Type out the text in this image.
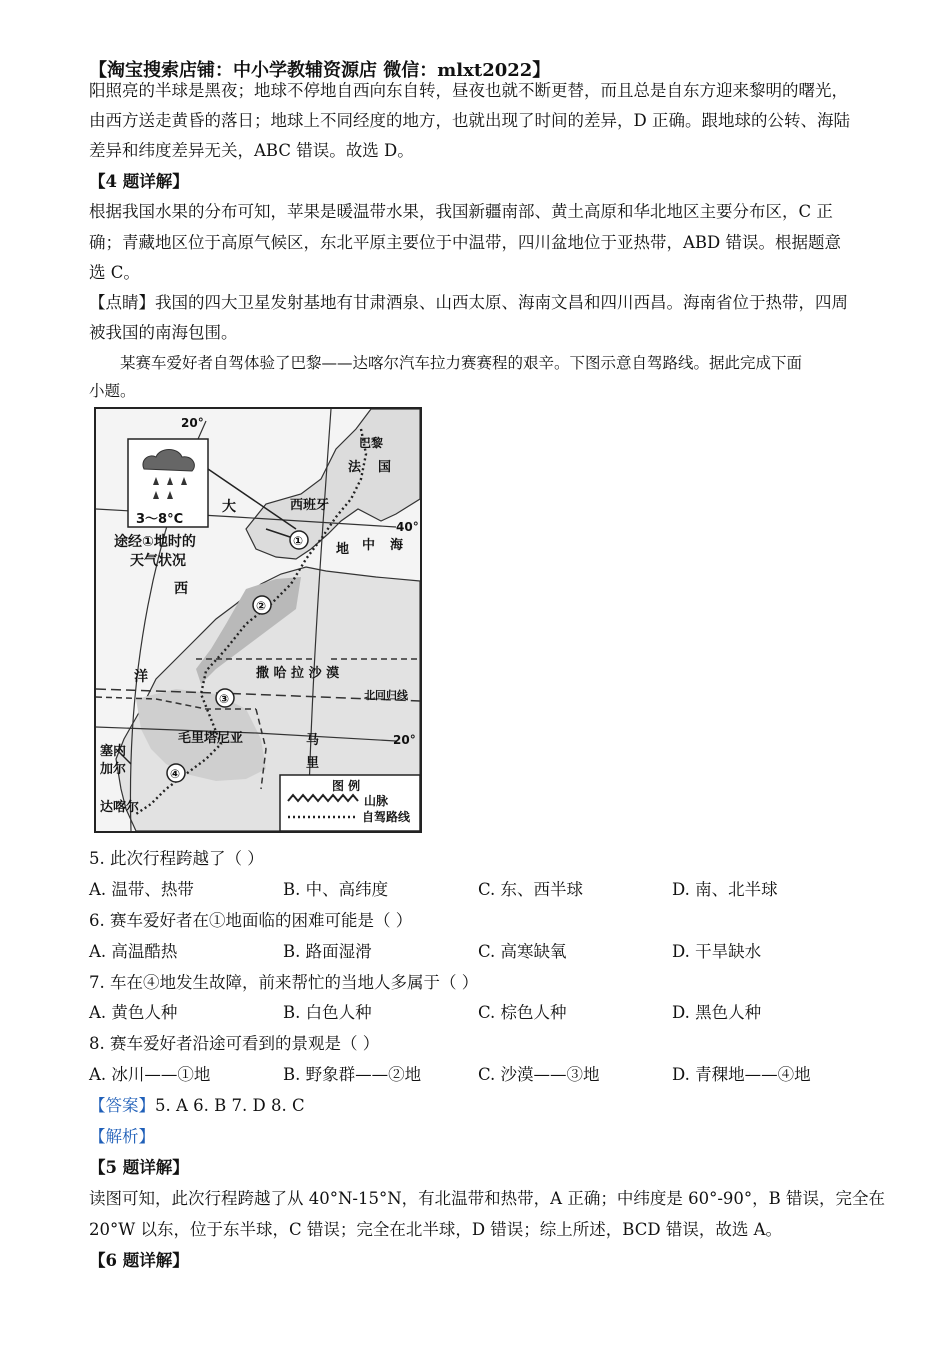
【淘宝搜索店铺：中小学教辅资源店 微信：mlxt2022】
阳照亮的半球是黑夜；地球不停地自西向东自转，昼夜也就不断更替，而且总是自东方迎来黎明的曙光，
由西方送走黄昏的落日；地球上不同经度的地方，也就出现了时间的差异，D 正确。跟地球的公转、海陆
差异和纬度差异无关，ABC 错误。故选 D。
【4 题详解】
根据我国水果的分布可知，苹果是暖温带水果，我国新疆南部、黄土高原和华北地区主要分布区，C 正
确；青藏地区位于高原气候区，东北平原主要位于中温带，四川盆地位于亚热带，ABD 错误。根据题意
选 C。
【点睛】我国的四大卫星发射基地有甘肃酒泉、山西太原、海南文昌和四川西昌。海南省位于热带，四周
被我国的南海包围。
某赛车爱好者自驾体验了巴黎——达喀尔汽车拉力赛赛程的艰辛。下图示意自驾路线。据此完成下面
小题。
20°
40°
20°
3～8°C
途经①地时的
天气状况
巴黎
法 国
西班牙
地 中 海
大
西
洋	撒 哈 拉 沙 漠
北回归线
毛里塔尼亚
塞内
加尔
达喀尔
马
里
①
②
③
④
图 例
山脉
自驾路线
5. 此次行程跨越了（ ）
A. 温带、热带	B. 中、高纬度	C. 东、西半球	D. 南、北半球
6. 赛车爱好者在①地面临的困难可能是（ ）
A. 高温酷热	B. 路面湿滑	C. 高寒缺氧	D. 干旱缺水
7. 车在④地发生故障，前来帮忙的当地人多属于（ ）
A. 黄色人种	B. 白色人种	C. 棕色人种	D. 黑色人种
8. 赛车爱好者沿途可看到的景观是（ ）
A. 冰川——①地	B. 野象群——②地	C. 沙漠——③地	D. 青稞地——④地
【答案】5. A 6. B 7. D 8. C
【解析】
【5 题详解】
读图可知，此次行程跨越了从 40°N-15°N，有北温带和热带，A 正确；中纬度是 60°-90°，B 错误，完全在
20°W 以东，位于东半球，C 错误；完全在北半球，D 错误；综上所述，BCD 错误，故选 A。
【6 题详解】
